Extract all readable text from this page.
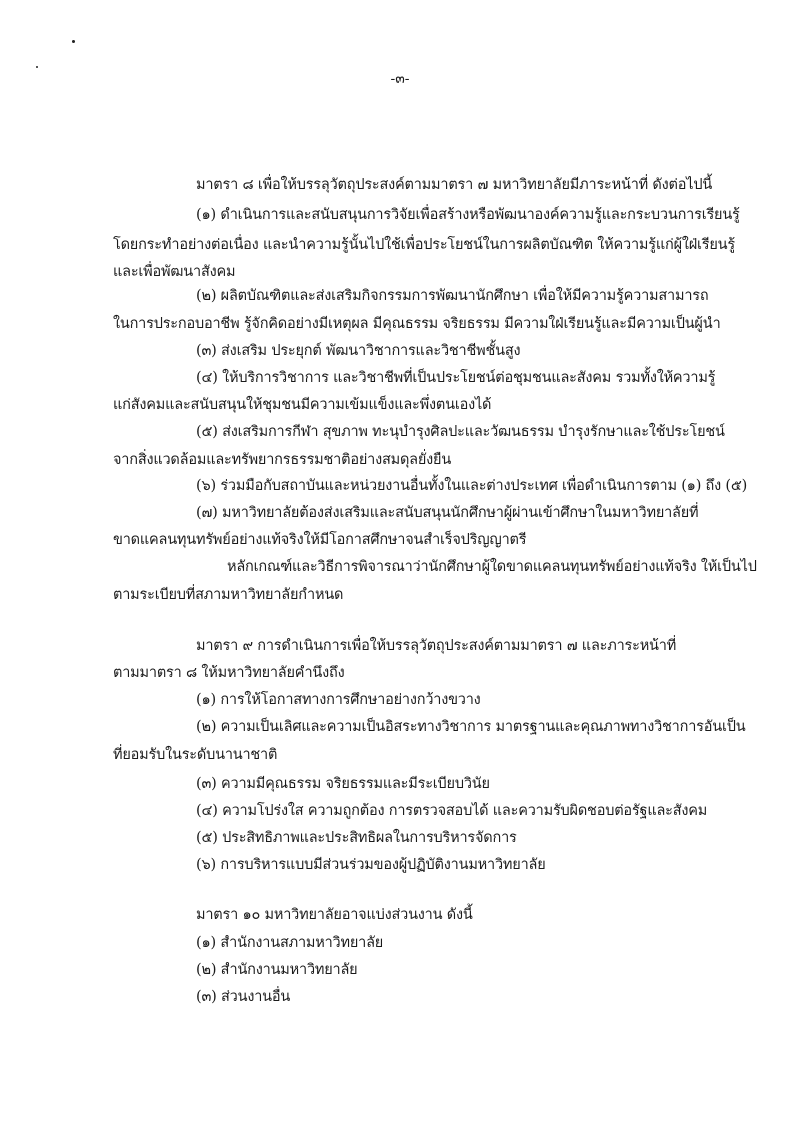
-๓-
มาตรา ๘ เพื่อให้บรรลุวัตถุประสงค์ตามมาตรา ๗ มหาวิทยาลัยมีภาระหน้าที่ ดังต่อไปนี้
(๑) ดำเนินการและสนับสนุนการวิจัยเพื่อสร้างหรือพัฒนาองค์ความรู้และกระบวนการเรียนรู้
โดยกระทำอย่างต่อเนื่อง และนำความรู้นั้นไปใช้เพื่อประโยชน์ในการผลิตบัณฑิต ให้ความรู้แก่ผู้ใฝ่เรียนรู้
และเพื่อพัฒนาสังคม
(๒) ผลิตบัณฑิตและส่งเสริมกิจกรรมการพัฒนานักศึกษา เพื่อให้มีความรู้ความสามารถ
ในการประกอบอาชีพ รู้จักคิดอย่างมีเหตุผล มีคุณธรรม จริยธรรม มีความใฝ่เรียนรู้และมีความเป็นผู้นำ
(๓) ส่งเสริม ประยุกต์ พัฒนาวิชาการและวิชาชีพชั้นสูง
(๔) ให้บริการวิชาการ และวิชาชีพที่เป็นประโยชน์ต่อชุมชนและสังคม รวมทั้งให้ความรู้
แก่สังคมและสนับสนุนให้ชุมชนมีความเข้มแข็งและพึ่งตนเองได้
(๕) ส่งเสริมการกีฬา สุขภาพ ทะนุบำรุงศิลปะและวัฒนธรรม บำรุงรักษาและใช้ประโยชน์
จากสิ่งแวดล้อมและทรัพยากรธรรมชาติอย่างสมดุลยั่งยืน
(๖) ร่วมมือกับสถาบันและหน่วยงานอื่นทั้งในและต่างประเทศ เพื่อดำเนินการตาม (๑) ถึง (๕)
(๗) มหาวิทยาลัยต้องส่งเสริมและสนับสนุนนักศึกษาผู้ผ่านเข้าศึกษาในมหาวิทยาลัยที่
ขาดแคลนทุนทรัพย์อย่างแท้จริงให้มีโอกาสศึกษาจนสำเร็จปริญญาตรี
หลักเกณฑ์และวิธีการพิจารณาว่านักศึกษาผู้ใดขาดแคลนทุนทรัพย์อย่างแท้จริง ให้เป็นไป
ตามระเบียบที่สภามหาวิทยาลัยกำหนด
มาตรา ๙ การดำเนินการเพื่อให้บรรลุวัตถุประสงค์ตามมาตรา ๗ และภาระหน้าที่
ตามมาตรา ๘ ให้มหาวิทยาลัยคำนึงถึง
(๑) การให้โอกาสทางการศึกษาอย่างกว้างขวาง
(๒) ความเป็นเลิศและความเป็นอิสระทางวิชาการ มาตรฐานและคุณภาพทางวิชาการอันเป็น
ที่ยอมรับในระดับนานาชาติ
(๓) ความมีคุณธรรม จริยธรรมและมีระเบียบวินัย
(๔) ความโปร่งใส ความถูกต้อง การตรวจสอบได้ และความรับผิดชอบต่อรัฐและสังคม
(๕) ประสิทธิภาพและประสิทธิผลในการบริหารจัดการ
(๖) การบริหารแบบมีส่วนร่วมของผู้ปฏิบัติงานมหาวิทยาลัย
มาตรา ๑๐ มหาวิทยาลัยอาจแบ่งส่วนงาน ดังนี้
(๑) สำนักงานสภามหาวิทยาลัย
(๒) สำนักงานมหาวิทยาลัย
(๓) ส่วนงานอื่น
